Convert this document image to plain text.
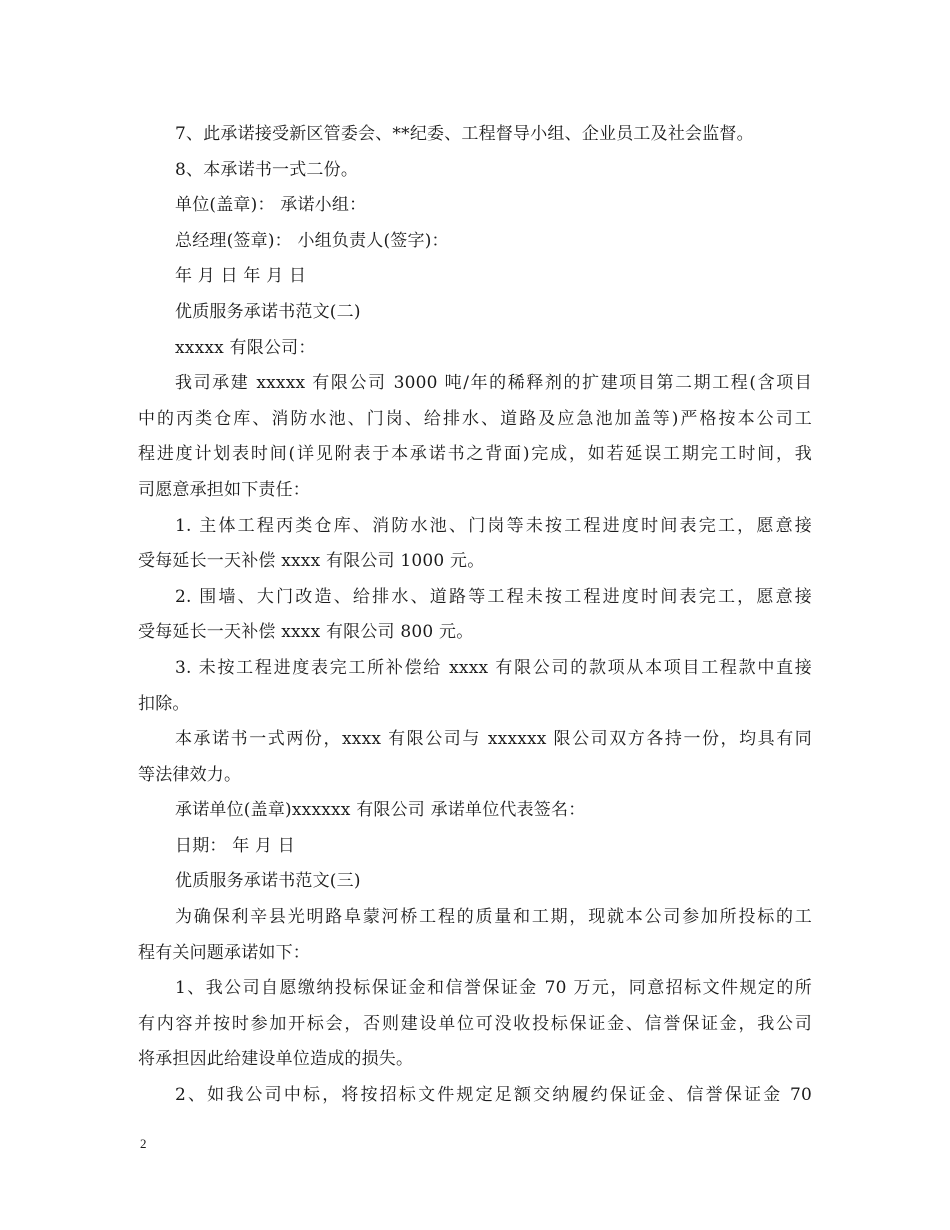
7、此承诺接受新区管委会、**纪委、工程督导小组、企业员工及社会监督。
8、本承诺书一式二份。
单位(盖章)： 承诺小组：
总经理(签章)： 小组负责人(签字)：
年 月 日 年 月 日
优质服务承诺书范文(二)
xxxxx 有限公司：
我司承建 xxxxx 有限公司 3000 吨/年的稀释剂的扩建项目第二期工程(含项目
中的丙类仓库、消防水池、门岗、给排水、道路及应急池加盖等)严格按本公司工
程进度计划表时间(详见附表于本承诺书之背面)完成，如若延误工期完工时间，我
司愿意承担如下责任：
1. 主体工程丙类仓库、消防水池、门岗等未按工程进度时间表完工，愿意接
受每延长一天补偿 xxxx 有限公司 1000 元。
2. 围墙、大门改造、给排水、道路等工程未按工程进度时间表完工，愿意接
受每延长一天补偿 xxxx 有限公司 800 元。
3. 未按工程进度表完工所补偿给 xxxx 有限公司的款项从本项目工程款中直接
扣除。
本承诺书一式两份，xxxx 有限公司与 xxxxxx 限公司双方各持一份，均具有同
等法律效力。
承诺单位(盖章)xxxxxx 有限公司 承诺单位代表签名：
日期： 年 月 日
优质服务承诺书范文(三)
为确保利辛县光明路阜蒙河桥工程的质量和工期，现就本公司参加所投标的工
程有关问题承诺如下：
1、我公司自愿缴纳投标保证金和信誉保证金 70 万元，同意招标文件规定的所
有内容并按时参加开标会，否则建设单位可没收投标保证金、信誉保证金，我公司
将承担因此给建设单位造成的损失。
2、如我公司中标，将按招标文件规定足额交纳履约保证金、信誉保证金 70
2
